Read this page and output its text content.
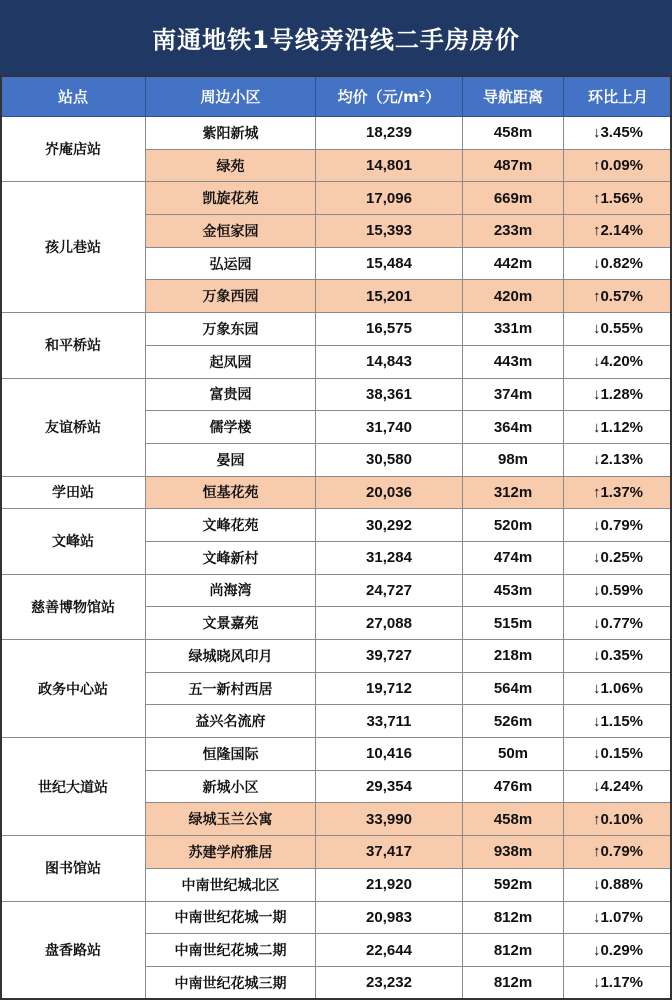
南通地铁1号线旁沿线二手房房价
站点	周边小区	均价（元/m²）	导航距离	环比上月
岕庵店站	紫阳新城	18,239	458m	↓3.45%
	绿苑	14,801	487m	↑0.09%
孩儿巷站	凯旋花苑	17,096	669m	↑1.56%
	金恒家园	15,393	233m	↑2.14%
	弘运园	15,484	442m	↓0.82%
	万象西园	15,201	420m	↑0.57%
和平桥站	万象东园	16,575	331m	↓0.55%
	起凤园	14,843	443m	↓4.20%
友谊桥站	富贵园	38,361	374m	↓1.28%
	儒学楼	31,740	364m	↓1.12%
	晏园	30,580	98m	↓2.13%
学田站	恒基花苑	20,036	312m	↑1.37%
文峰站	文峰花苑	30,292	520m	↓0.79%
	文峰新村	31,284	474m	↓0.25%
慈善博物馆站	尚海湾	24,727	453m	↓0.59%
	文景嘉苑	27,088	515m	↓0.77%
政务中心站	绿城晓风印月	39,727	218m	↓0.35%
	五一新村西居	19,712	564m	↓1.06%
	益兴名流府	33,711	526m	↓1.15%
世纪大道站	恒隆国际	10,416	50m	↓0.15%
	新城小区	29,354	476m	↓4.24%
	绿城玉兰公寓	33,990	458m	↑0.10%
图书馆站	苏建学府雅居	37,417	938m	↑0.79%
	中南世纪城北区	21,920	592m	↓0.88%
盘香路站	中南世纪花城一期	20,983	812m	↓1.07%
	中南世纪花城二期	22,644	812m	↓0.29%
	中南世纪花城三期	23,232	812m	↓1.17%
